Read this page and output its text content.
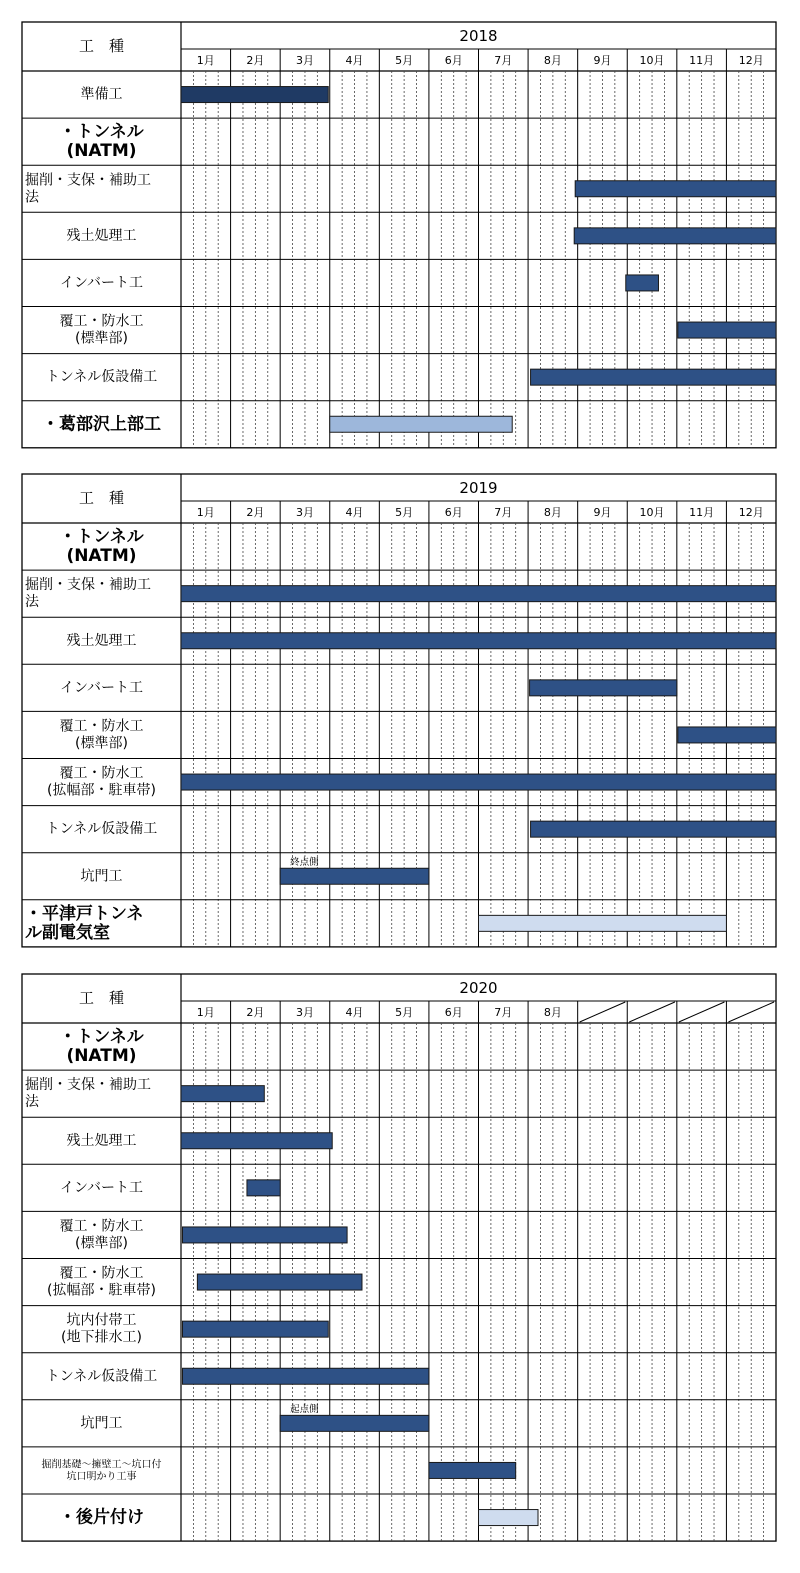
工　種
2018
1月	2月	3月	4月	5月	6月	7月	8月	9月	10月 11月 12月
準備工
・トンネル
(NATM)
掘削・支保・補助工
法
残土処理工
インバート工
覆工・防水工
(標準部)
トンネル仮設備工
・葛部沢上部工
工　種
2019
1月	2月	3月	4月	5月	6月	7月	8月	9月	10月 11月 12月
・トンネル
(NATM)
掘削・支保・補助工
法
残土処理工
インバート工
覆工・防水工
(標準部)
覆工・防水工
(拡幅部・駐車帯)
トンネル仮設備工
坑門工
終点側
・平津戸トンネ
ル副電気室
工　種
2020
1月	2月	3月	4月	5月	6月	7月	8月
・トンネル
(NATM)
掘削・支保・補助工
法
残土処理工
インバート工
覆工・防水工
(標準部)
覆工・防水工
(拡幅部・駐車帯)
坑内付帯工
(地下排水工)
トンネル仮設備工
坑門工
起点側
掘削基礎～擁壁工～坑口付
坑口明かり工事
・後片付け
